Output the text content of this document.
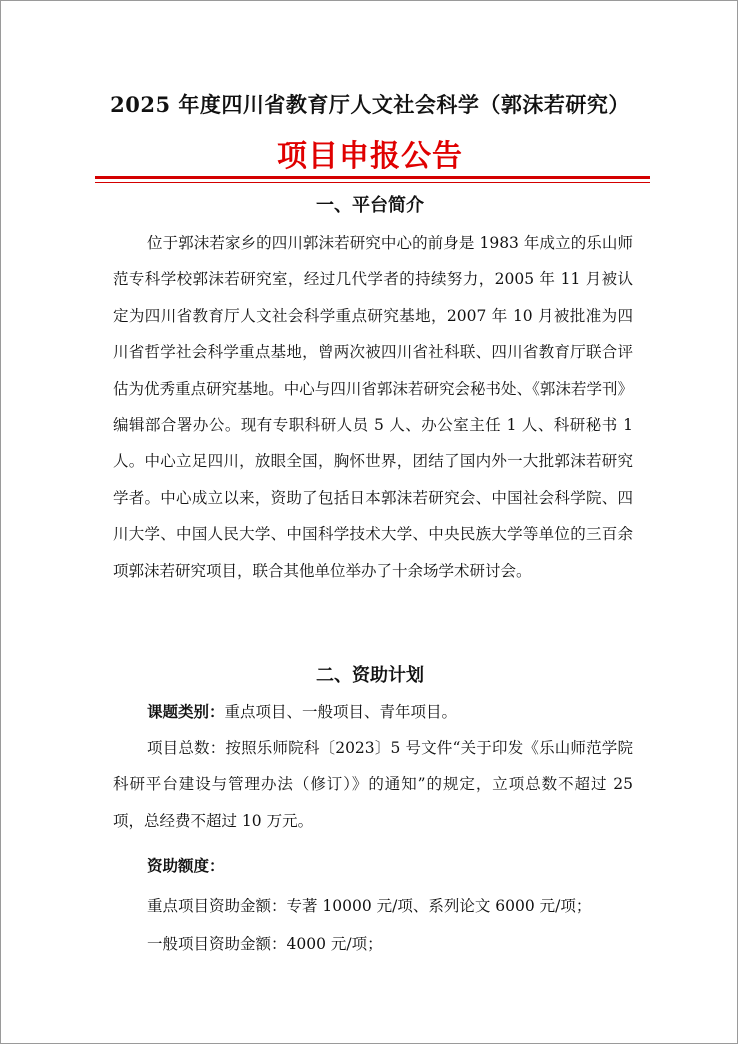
2025 年度四川省教育厅人文社会科学（郭沫若研究）
项目申报公告
一、平台简介

位于郭沫若家乡的四川郭沫若研究中心的前身是 1983 年成立的乐山师范专科学校郭沫若研究室，经过几代学者的持续努力，2005 年 11 月被认定为四川省教育厅人文社会科学重点研究基地，2007 年 10 月被批准为四川省哲学社会科学重点基地，曾两次被四川省社科联、四川省教育厅联合评估为优秀重点研究基地。中心与四川省郭沫若研究会秘书处、《郭沫若学刊》编辑部合署办公。现有专职科研人员 5 人、办公室主任 1 人、科研秘书 1 人。中心立足四川，放眼全国，胸怀世界，团结了国内外一大批郭沫若研究学者。中心成立以来，资助了包括日本郭沫若研究会、中国社会科学院、四川大学、中国人民大学、中国科学技术大学、中央民族大学等单位的三百余项郭沫若研究项目，联合其他单位举办了十余场学术研讨会。

二、资助计划

课题类别：重点项目、一般项目、青年项目。

项目总数：按照乐师院科〔2023〕5 号文件“关于印发《乐山师范学院科研平台建设与管理办法（修订）》的通知”的规定，立项总数不超过 25 项，总经费不超过 10 万元。

资助额度：

重点项目资助金额：专著 10000 元/项、系列论文 6000 元/项；

一般项目资助金额：4000 元/项；
